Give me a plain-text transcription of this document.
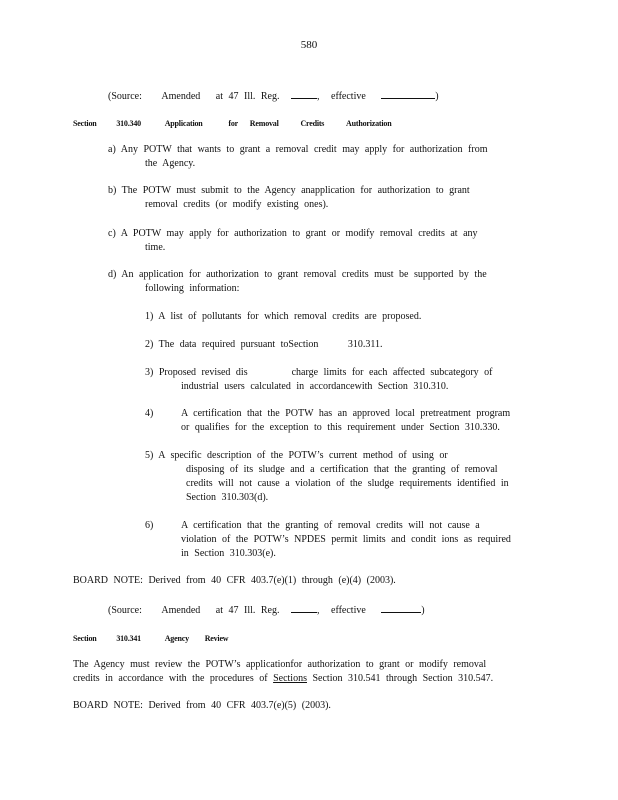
580
(Source: Amended at 47 Ill. Reg.	, effective	)
Section 310.340	Application	for Removal	Credits	Authorization
a) Any POTW that wants to grant a removal credit may apply for authorization from
the Agency.
b) The POTW must submit to the Agency anapplication for authorization to grant
removal credits (or modify existing ones).
c) A POTW may apply for authorization to grant or modify removal credits at any
time.
d) An application for authorization to grant removal credits must be supported by the
following information:
1) A list of pollutants for which removal credits are proposed.
2) The data required pursuant toSection	310.311.
3) Proposed revised dis        charge limits for each affected subcategory of
industrial users calculated in accordancewith Section 310.310.
4)	A certification that the POTW has an approved local pretreatment program
or qualifies for the exception to this requirement under Section 310.330.
5) A specific description of the POTW’s current method of using or
disposing of its sludge and a certification that the granting of removal
credits will not cause a violation of the sludge requirements identified in
Section 310.303(d).
6)	A certification that the granting of removal credits will not cause a
violation of the POTW’s NPDES permit limits and condit ions as required
in Section 310.303(e).
BOARD NOTE: Derived from 40 CFR 403.7(e)(1) through (e)(4) (2003).
(Source: Amended at 47 Ill. Reg.	, effective	)
Section 310.341	Agency Review
The Agency must review the POTW’s applicationfor authorization to grant or modify removal
credits in accordance with the procedures of Sections Section 310.541 through Section 310.547.
BOARD NOTE: Derived from 40 CFR 403.7(e)(5) (2003).
